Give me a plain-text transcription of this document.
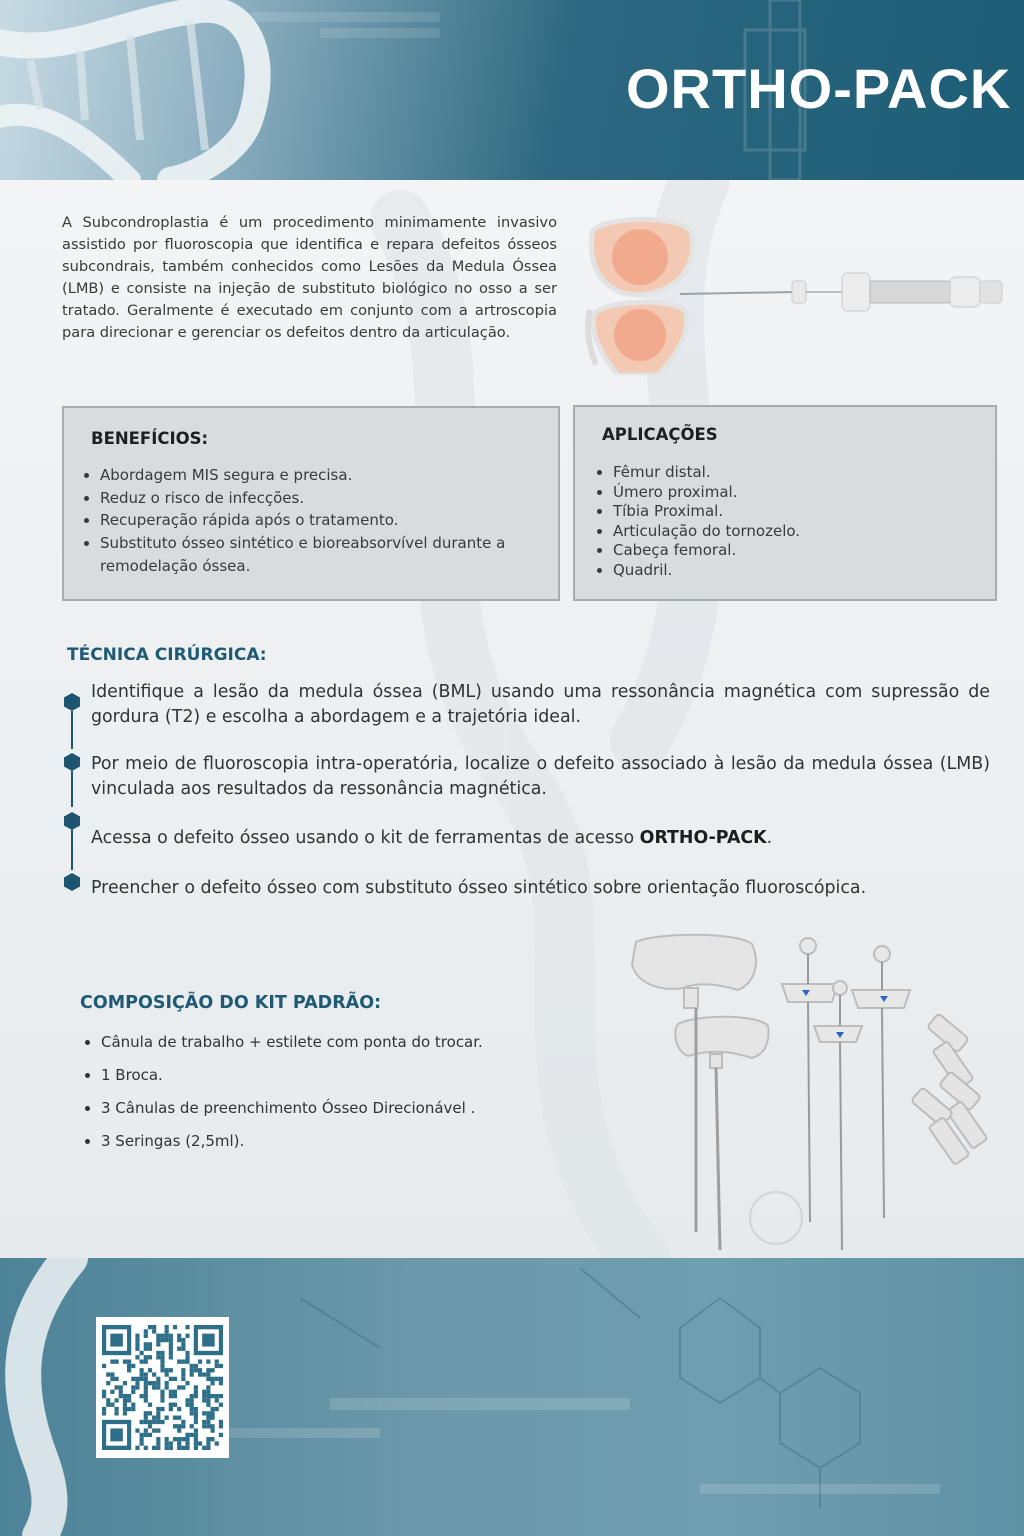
ORTHO-PACK

A Subcondroplastia é um procedimento minimamente invasivo assistido por fluoroscopia que identifica e repara defeitos ósseos subcondrais, também conhecidos como Lesões da Medula Óssea (LMB) e consiste na injeção de substituto biológico no osso a ser tratado. Geralmente é executado em conjunto com a artroscopia para direcionar e gerenciar os defeitos dentro da articulação.

BENEFÍCIOS:
• Abordagem MIS segura e precisa.
• Reduz o risco de infecções.
• Recuperação rápida após o tratamento.
• Substituto ósseo sintético e bioreabsorvível durante a remodelação óssea.
APLICAÇÕES
• Fêmur distal.
• Úmero proximal.
• Tíbia Proximal.
• Articulação do tornozelo.
• Cabeça femoral.
• Quadril.
TÉCNICA CIRÚRGICA:

Identifique a lesão da medula óssea (BML) usando uma ressonância magnética com supressão de gordura (T2) e escolha a abordagem e a trajetória ideal.

Por meio de fluoroscopia intra-operatória, localize o defeito associado à lesão da medula óssea (LMB) vinculada aos resultados da ressonância magnética.

Acessa o defeito ósseo usando o kit de ferramentas de acesso ORTHO-PACK.

Preencher o defeito ósseo com substituto ósseo sintético sobre orientação fluoroscópica.

COMPOSIÇÃO DO KIT PADRÃO:
• Cânula de trabalho + estilete com ponta do trocar.
• 1 Broca.
• 3 Cânulas de preenchimento Ósseo Direcionável .
• 3 Seringas (2,5ml).
